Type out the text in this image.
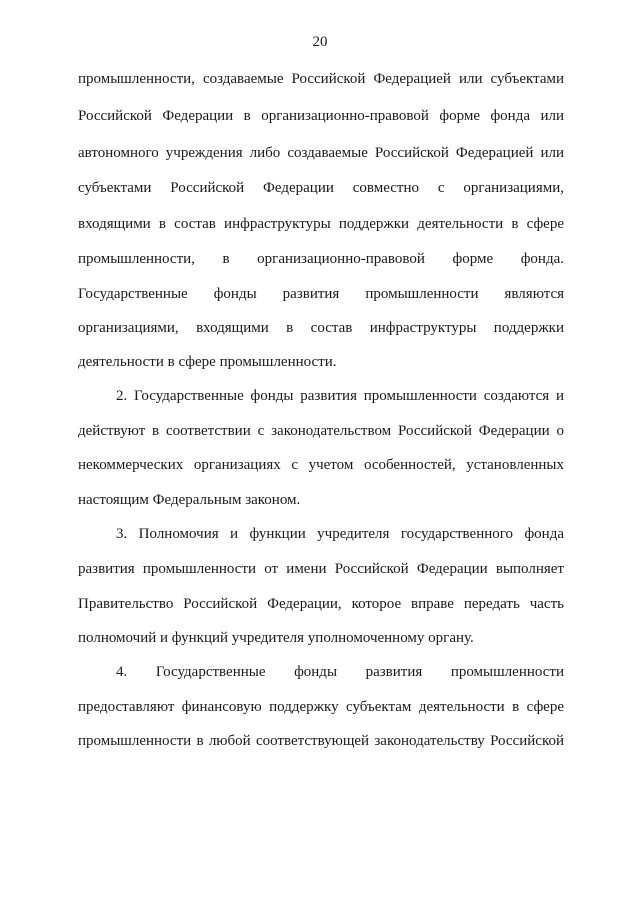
20
промышленности, создаваемые Российской Федерацией или субъектами
Российской Федерации в организационно-правовой форме фонда или
автономного учреждения либо создаваемые Российской Федерацией или
субъектами Российской Федерации совместно с организациями,
входящими в состав инфраструктуры поддержки деятельности в сфере
промышленности, в организационно-правовой форме фонда.
Государственные фонды развития промышленности являются
организациями, входящими в состав инфраструктуры поддержки
деятельности в сфере промышленности.
2. Государственные фонды развития промышленности создаются и
действуют в соответствии с законодательством Российской Федерации о
некоммерческих организациях с учетом особенностей, установленных
настоящим Федеральным законом.
3. Полномочия и функции учредителя государственного фонда
развития промышленности от имени Российской Федерации выполняет
Правительство Российской Федерации, которое вправе передать часть
полномочий и функций учредителя уполномоченному органу.
4. Государственные фонды развития промышленности
предоставляют финансовую поддержку субъектам деятельности в сфере
промышленности в любой соответствующей законодательству Российской
